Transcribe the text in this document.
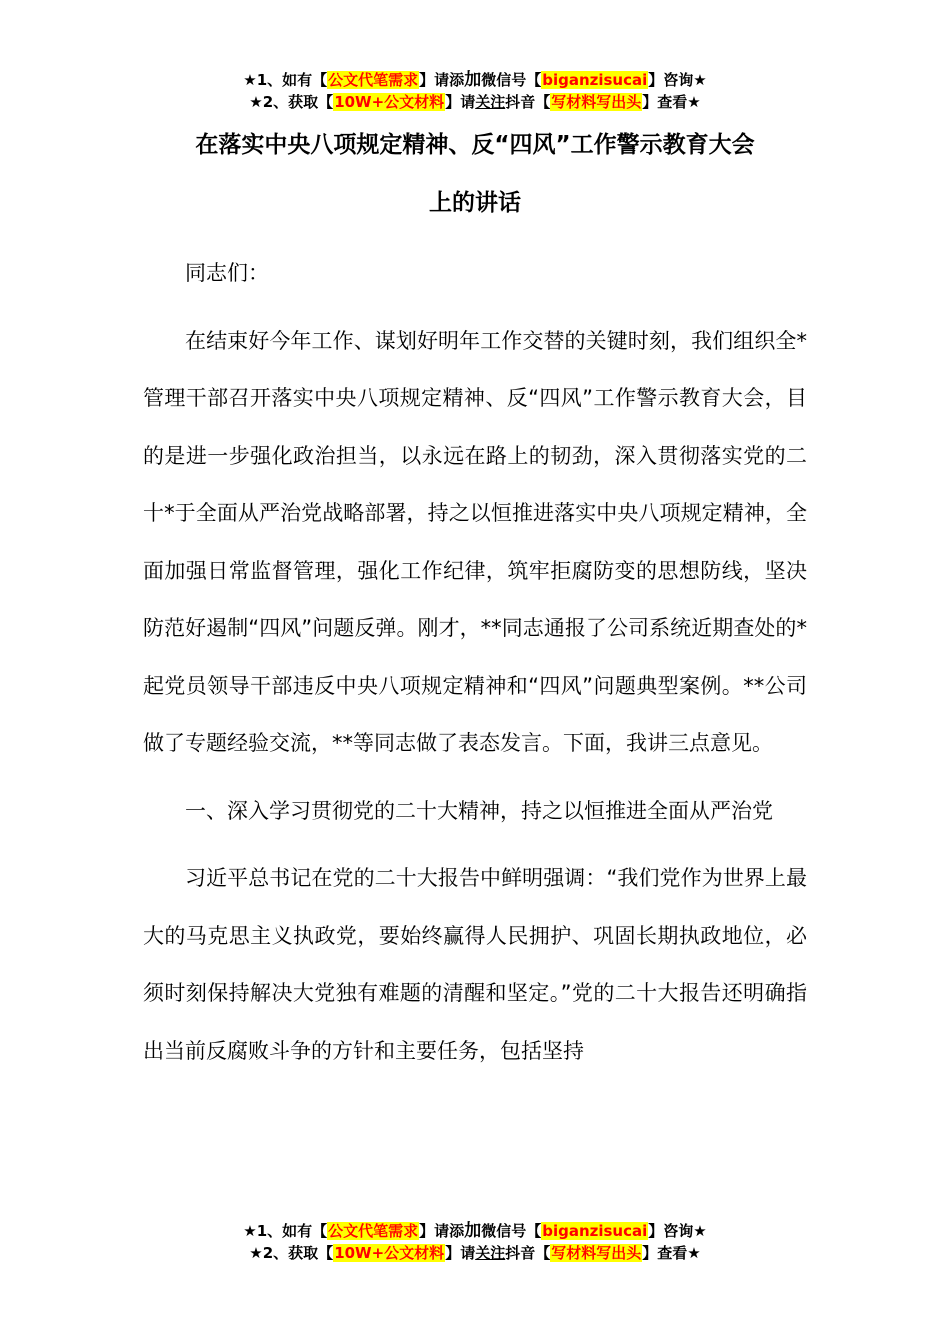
★1、如有【公文代笔需求】请添加微信号【biganzisucai】咨询★
★2、获取【10W+公文材料】请关注抖音【写材料写出头】查看★
在落实中央八项规定精神、反“四风”工作警示教育大会
上的讲话

同志们：

在结束好今年工作、谋划好明年工作交替的关键时刻，我们组织全*管理干部召开落实中央八项规定精神、反“四风”工作警示教育大会，目的是进一步强化政治担当，以永远在路上的韧劲，深入贯彻落实党的二十*于全面从严治党战略部署，持之以恒推进落实中央八项规定精神，全面加强日常监督管理，强化工作纪律，筑牢拒腐防变的思想防线，坚决防范好遏制“四风”问题反弹。刚才，**同志通报了公司系统近期查处的*起党员领导干部违反中央八项规定精神和“四风”问题典型案例。**公司做了专题经验交流，**等同志做了表态发言。下面，我讲三点意见。

一、深入学习贯彻党的二十大精神，持之以恒推进全面从严治党

习近平总书记在党的二十大报告中鲜明强调：“我们党作为世界上最大的马克思主义执政党，要始终赢得人民拥护、巩固长期执政地位，必须时刻保持解决大党独有难题的清醒和坚定。”党的二十大报告还明确指出当前反腐败斗争的方针和主要任务，包括坚持

★1、如有【公文代笔需求】请添加微信号【biganzisucai】咨询★
★2、获取【10W+公文材料】请关注抖音【写材料写出头】查看★
